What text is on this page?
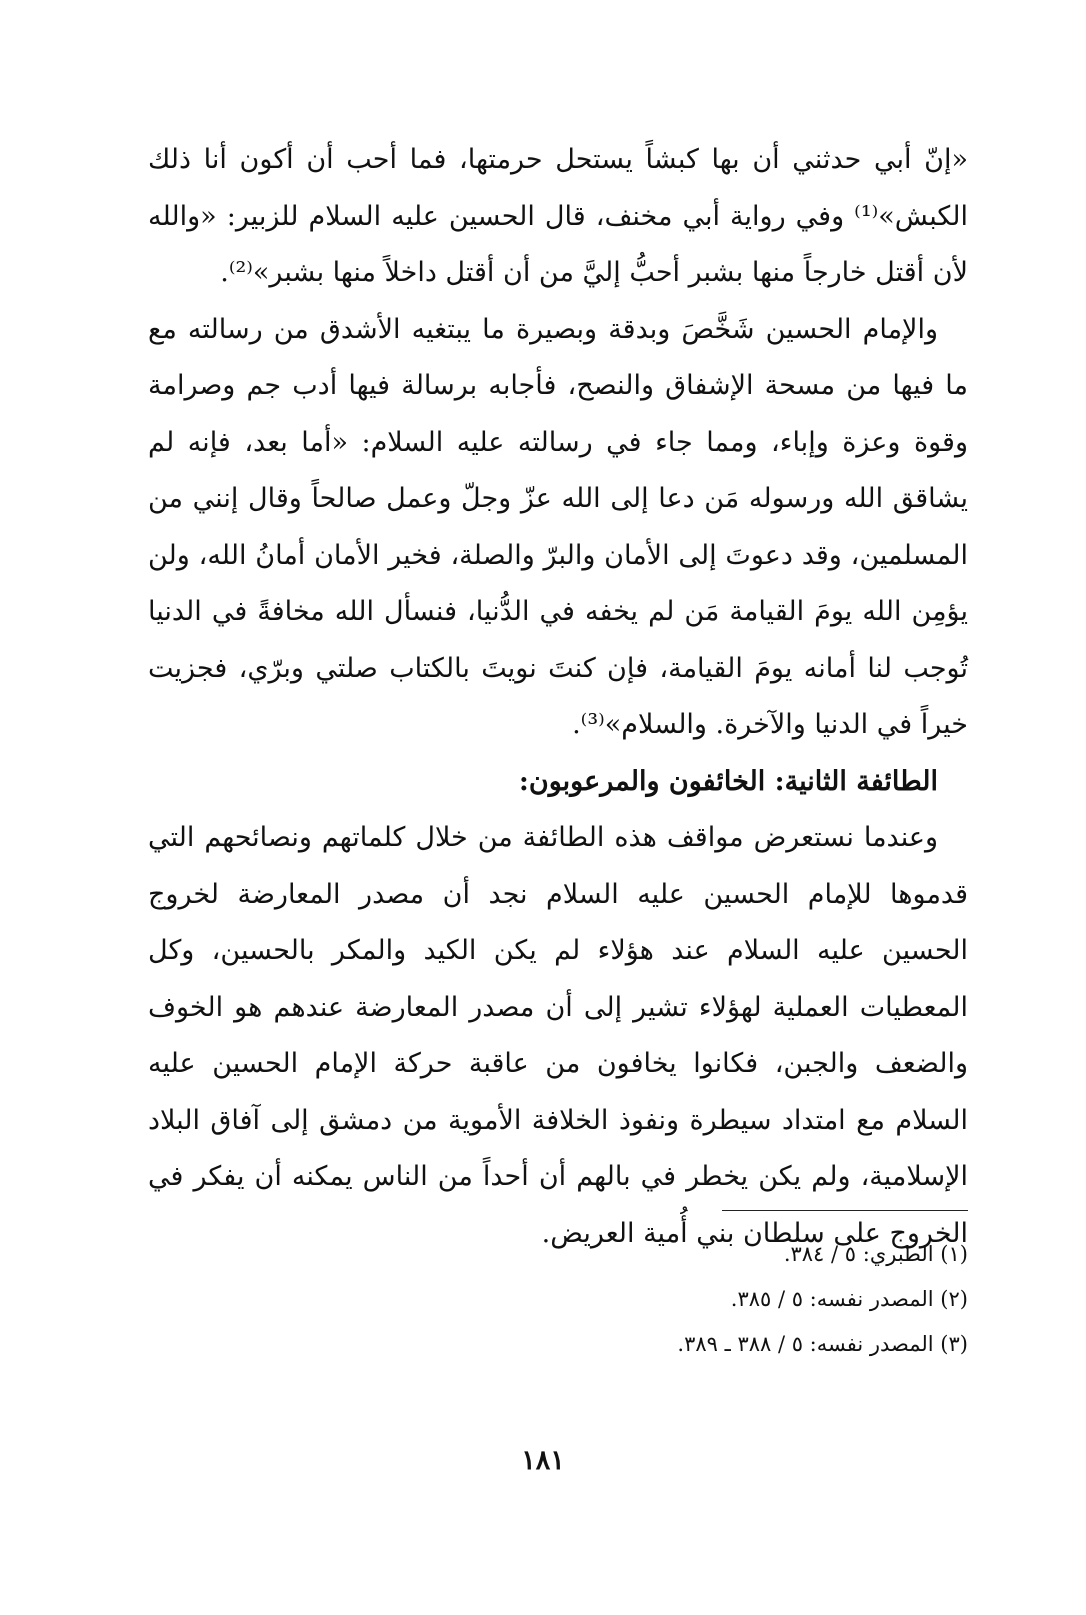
«إنّ أبي حدثني أن بها كبشاً يستحل حرمتها، فما أحب أن أكون أنا ذلك الكبش»⁽¹⁾ وفي رواية أبي مخنف، قال الحسين عليه السلام للزبير: «والله لأن أقتل خارجاً منها بشبر أحبُّ إليَّ من أن أقتل داخلاً منها بشبر»⁽²⁾.

والإمام الحسين شَخَّصَ وبدقة وبصيرة ما يبتغيه الأشدق من رسالته مع ما فيها من مسحة الإشفاق والنصح، فأجابه برسالة فيها أدب جم وصرامة وقوة وعزة وإباء، ومما جاء في رسالته عليه السلام: «أما بعد، فإنه لم يشاقق الله ورسوله مَن دعا إلى الله عزّ وجلّ وعمل صالحاً وقال إنني من المسلمين، وقد دعوتَ إلى الأمان والبرّ والصلة، فخير الأمان أمانُ الله، ولن يؤمِن الله يومَ القيامة مَن لم يخفه في الدُّنيا، فنسأل الله مخافةً في الدنيا تُوجب لنا أمانه يومَ القيامة، فإن كنتَ نويتَ بالكتاب صلتي وبرّي، فجزيت خيراً في الدنيا والآخرة. والسلام»⁽³⁾.

الطائفة الثانية: الخائفون والمرعوبون:

وعندما نستعرض مواقف هذه الطائفة من خلال كلماتهم ونصائحهم التي قدموها للإمام الحسين عليه السلام نجد أن مصدر المعارضة لخروج الحسين عليه السلام عند هؤلاء لم يكن الكيد والمكر بالحسين، وكل المعطيات العملية لهؤلاء تشير إلى أن مصدر المعارضة عندهم هو الخوف والضعف والجبن، فكانوا يخافون من عاقبة حركة الإمام الحسين عليه السلام مع امتداد سيطرة ونفوذ الخلافة الأموية من دمشق إلى آفاق البلاد الإسلامية، ولم يكن يخطر في بالهم أن أحداً من الناس يمكنه أن يفكر في الخروج على سلطان بني أُمية العريض.

(١) الطبري: ٥ / ٣٨٤.
(٢) المصدر نفسه: ٥ / ٣٨٥.
(٣) المصدر نفسه: ٥ / ٣٨٨ ـ ٣٨٩.
١٨١
